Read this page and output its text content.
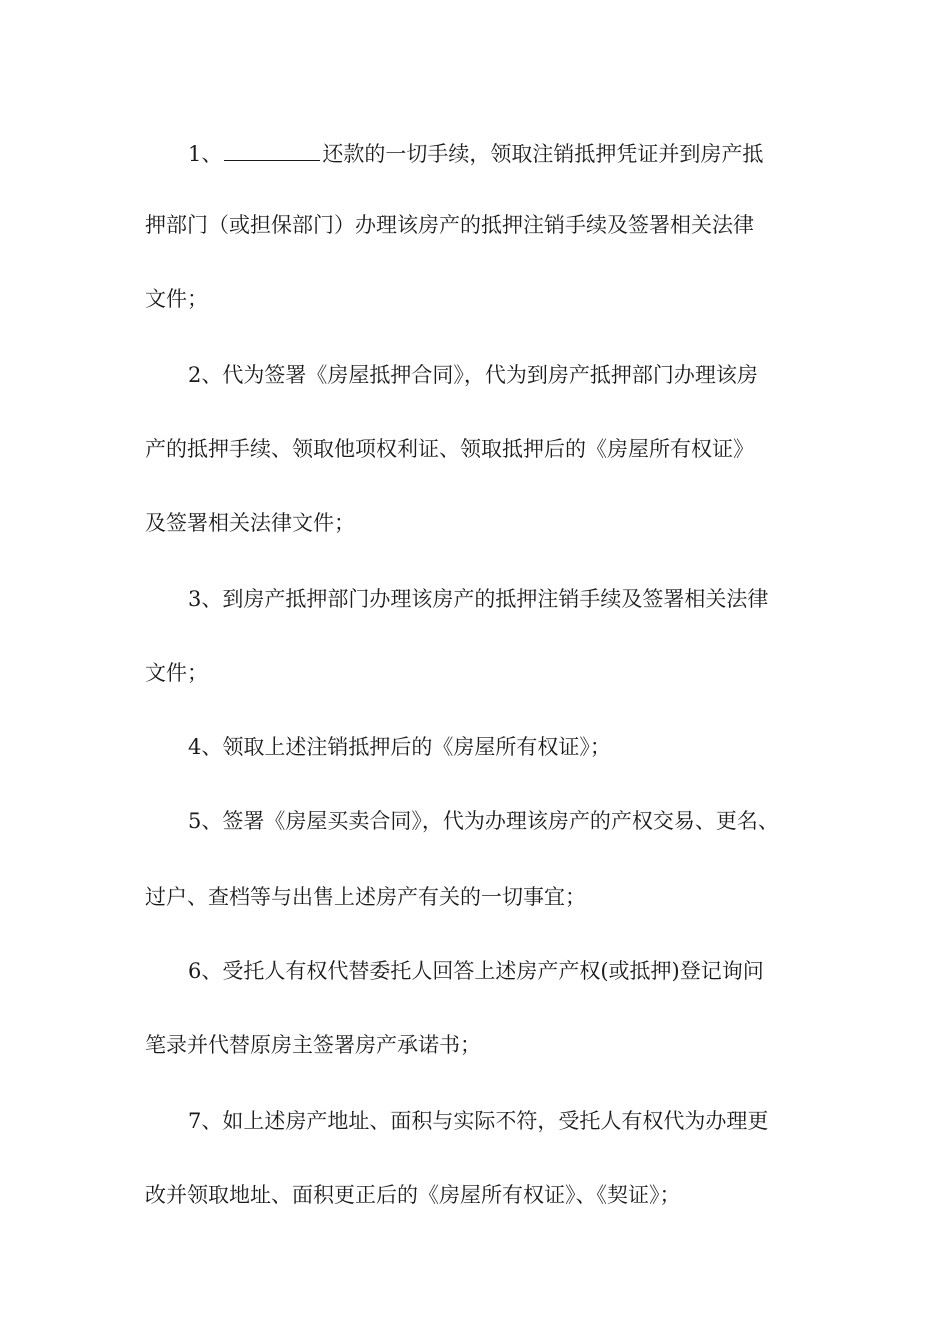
1、	还款的一切手续，领取注销抵押凭证并到房产抵
押部门（或担保部门）办理该房产的抵押注销手续及签署相关法律
文件；
2、代为签署《房屋抵押合同》，代为到房产抵押部门办理该房
产的抵押手续、领取他项权利证、领取抵押后的《房屋所有权证》
及签署相关法律文件；
3、到房产抵押部门办理该房产的抵押注销手续及签署相关法律
文件；
4、领取上述注销抵押后的《房屋所有权证》；
5、签署《房屋买卖合同》，代为办理该房产的产权交易、更名、
过户、查档等与出售上述房产有关的一切事宜；
6、受托人有权代替委托人回答上述房产产权(或抵押)登记询问
笔录并代替原房主签署房产承诺书；
7、如上述房产地址、面积与实际不符，受托人有权代为办理更
改并领取地址、面积更正后的《房屋所有权证》、《契证》；
